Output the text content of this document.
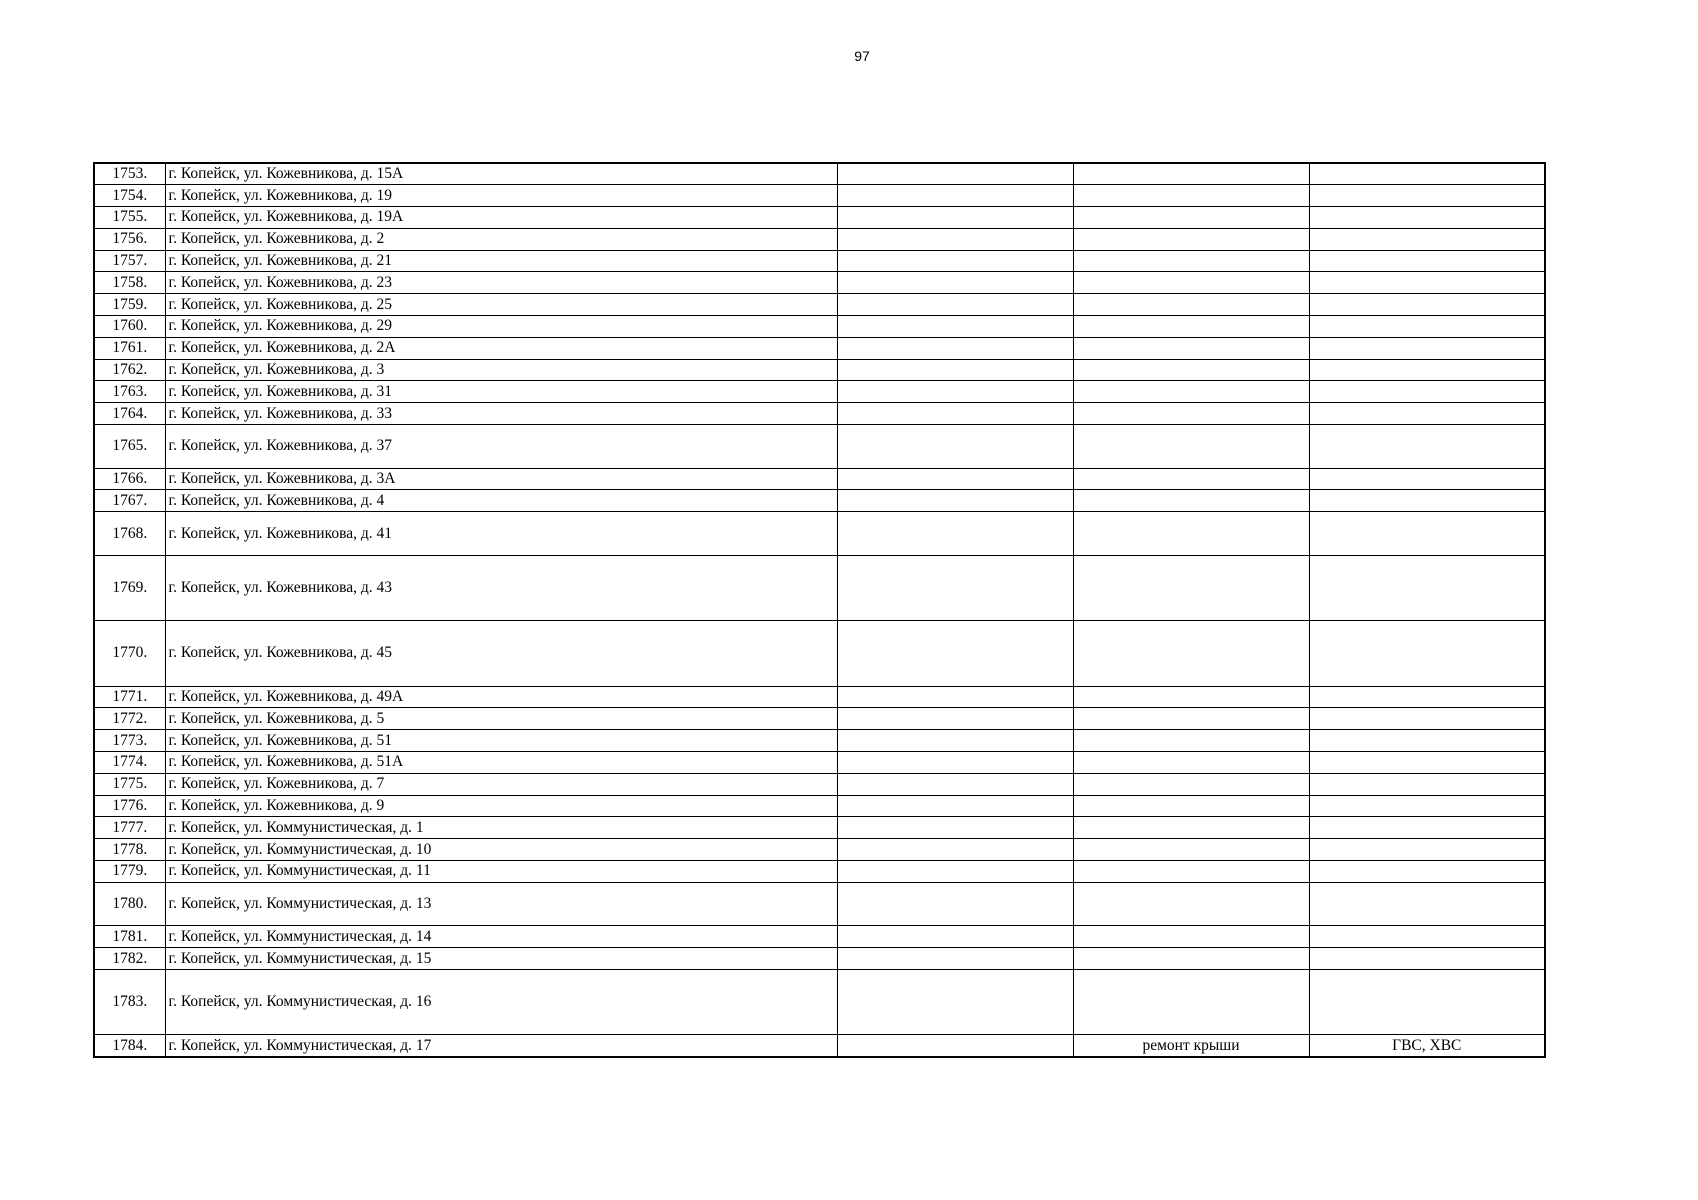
97
1753.	г. Копейск, ул. Кожевникова, д. 15А			
1754.	г. Копейск, ул. Кожевникова, д. 19			
1755.	г. Копейск, ул. Кожевникова, д. 19А			
1756.	г. Копейск, ул. Кожевникова, д. 2			
1757.	г. Копейск, ул. Кожевникова, д. 21			
1758.	г. Копейск, ул. Кожевникова, д. 23			
1759.	г. Копейск, ул. Кожевникова, д. 25			
1760.	г. Копейск, ул. Кожевникова, д. 29			
1761.	г. Копейск, ул. Кожевникова, д. 2А			
1762.	г. Копейск, ул. Кожевникова, д. 3			
1763.	г. Копейск, ул. Кожевникова, д. 31			
1764.	г. Копейск, ул. Кожевникова, д. 33			
1765.	г. Копейск, ул. Кожевникова, д. 37			
1766.	г. Копейск, ул. Кожевникова, д. 3А			
1767.	г. Копейск, ул. Кожевникова, д. 4			
1768.	г. Копейск, ул. Кожевникова, д. 41			
1769.	г. Копейск, ул. Кожевникова, д. 43			
1770.	г. Копейск, ул. Кожевникова, д. 45			
1771.	г. Копейск, ул. Кожевникова, д. 49А			
1772.	г. Копейск, ул. Кожевникова, д. 5			
1773.	г. Копейск, ул. Кожевникова, д. 51			
1774.	г. Копейск, ул. Кожевникова, д. 51А			
1775.	г. Копейск, ул. Кожевникова, д. 7			
1776.	г. Копейск, ул. Кожевникова, д. 9			
1777.	г. Копейск, ул. Коммунистическая, д. 1			
1778.	г. Копейск, ул. Коммунистическая, д. 10			
1779.	г. Копейск, ул. Коммунистическая, д. 11			
1780.	г. Копейск, ул. Коммунистическая, д. 13			
1781.	г. Копейск, ул. Коммунистическая, д. 14			
1782.	г. Копейск, ул. Коммунистическая, д. 15			
1783.	г. Копейск, ул. Коммунистическая, д. 16			
1784.	г. Копейск, ул. Коммунистическая, д. 17		ремонт крыши	ГВС, ХВС
